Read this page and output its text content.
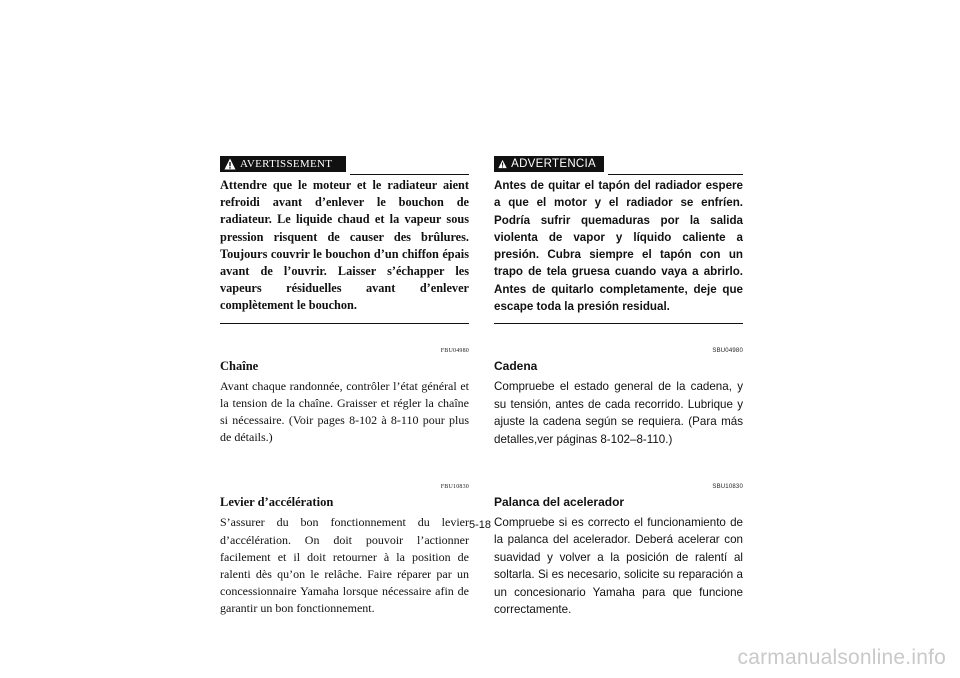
AVERTISSEMENT

Attendre que le moteur et le radiateur aient refroidi avant d’enlever le bouchon de radiateur. Le liquide chaud et la vapeur sous pression risquent de causer des brûlures. Toujours couvrir le bouchon d’un chiffon épais avant de l’ouvrir. Laisser s’échapper les vapeurs résiduelles avant d’enlever complètement le bouchon.

FBU04980
Chaîne

Avant chaque randonnée, contrôler l’état général et la tension de la chaîne. Graisser et régler la chaîne si nécessaire. (Voir pages 8-102 à 8-110 pour plus de détails.)

FBU10830
Levier d’accélération

S’assurer du bon fonctionnement du levier d’accélération. On doit pouvoir l’actionner facilement et il doit retourner à la position de ralenti dès qu’on le relâche. Faire réparer par un concessionnaire Yamaha lorsque nécessaire afin de garantir un bon fonctionnement.

ADVERTENCIA

Antes de quitar el tapón del radiador espere a que el motor y el radiador se enfríen. Podría sufrir quemaduras por la salida violenta de vapor y líquido caliente a presión. Cubra siempre el tapón con un trapo de tela gruesa cuando vaya a abrirlo. Antes de quitarlo completamente, deje que escape toda la presión residual.

SBU04980
Cadena

Compruebe el estado general de la cadena, y su tensión, antes de cada recorrido. Lubrique y ajuste la cadena según se requiera. (Para más detalles,ver páginas 8-102–8-110.)

SBU10830
Palanca del acelerador

Compruebe si es correcto el funcionamiento de la palanca del acelerador. Deberá acelerar con suavidad y volver a la posición de ralentí al soltarla. Si es necesario, solicite su reparación a un concesionario Yamaha para que funcione correctamente.

5-18
carmanualsonline.info
